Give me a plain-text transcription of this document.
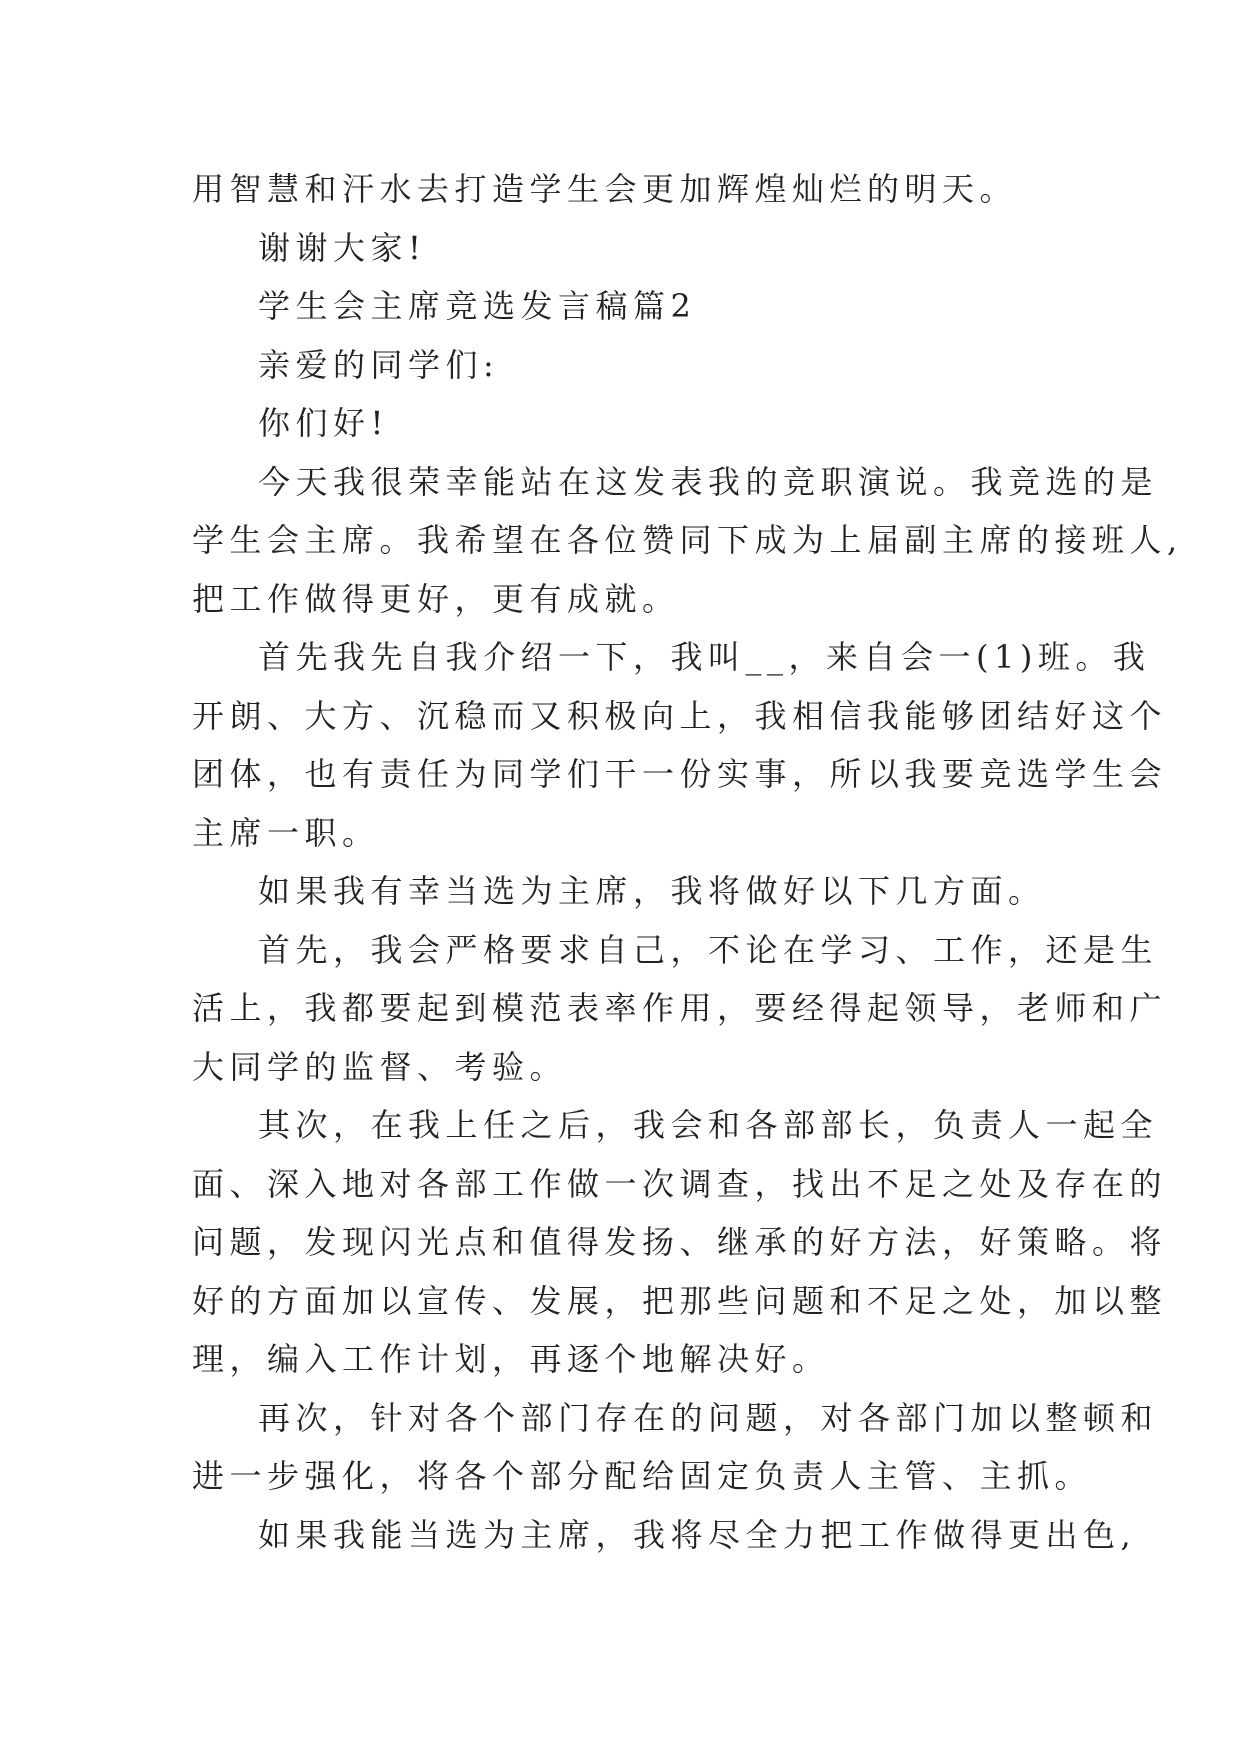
用智慧和汗水去打造学生会更加辉煌灿烂的明天。
谢谢大家!
学生会主席竞选发言稿篇2
亲爱的同学们:
你们好!
今天我很荣幸能站在这发表我的竞职演说。我竞选的是
学生会主席。我希望在各位赞同下成为上届副主席的接班人,
把工作做得更好，更有成就。
首先我先自我介绍一下，我叫__，来自会一(1)班。我
开朗、大方、沉稳而又积极向上，我相信我能够团结好这个
团体，也有责任为同学们干一份实事，所以我要竞选学生会
主席一职。
如果我有幸当选为主席，我将做好以下几方面。
首先，我会严格要求自己，不论在学习、工作，还是生
活上，我都要起到模范表率作用，要经得起领导，老师和广
大同学的监督、考验。
其次，在我上任之后，我会和各部部长，负责人一起全
面、深入地对各部工作做一次调查，找出不足之处及存在的
问题，发现闪光点和值得发扬、继承的好方法，好策略。将
好的方面加以宣传、发展，把那些问题和不足之处，加以整
理，编入工作计划，再逐个地解决好。
再次，针对各个部门存在的问题，对各部门加以整顿和
进一步强化，将各个部分配给固定负责人主管、主抓。
如果我能当选为主席，我将尽全力把工作做得更出色,
